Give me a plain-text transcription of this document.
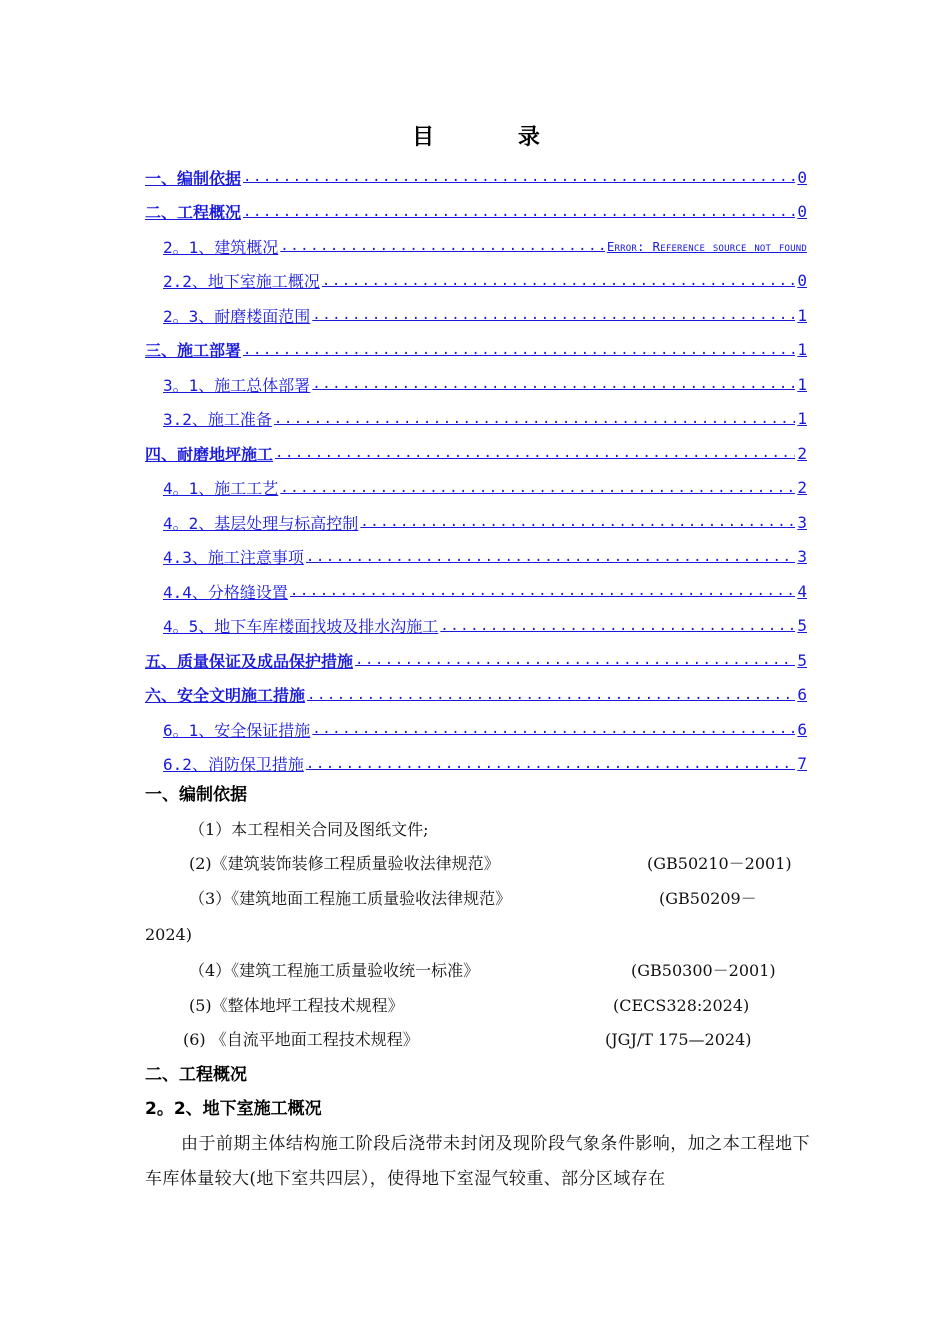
目 录
一、编制依据 .....	0
二、工程概况 .....	0
2。1、建筑概况 .....	Error: Reference source not found
2.2、地下室施工概况 .....	0
2。3、耐磨楼面范围 .....	1
三、施工部署 .....	1
3。1、施工总体部署 .....	1
3.2、施工准备 .....	1
四、耐磨地坪施工 .....	2
4。1、施工工艺 .....	2
4。2、基层处理与标高控制 .....	3
4.3、施工注意事项 .....	3
4.4、分格缝设置 .....	4
4。5、地下车库楼面找坡及排水沟施工 .....	5
五、质量保证及成品保护措施 .....	5
六、安全文明施工措施 .....	6
6。1、安全保证措施 .....	6
6.2、消防保卫措施 .....	7
一、编制依据
（1）本工程相关合同及图纸文件;
(2)《建筑装饰装修工程质量验收法律规范》	(GB50210－2001)
（3）《建筑地面工程施工质量验收法律规范》	(GB50209－
2024)
（4）《建筑工程施工质量验收统一标准》	(GB50300－2001)
(5)《整体地坪工程技术规程》	(CECS328:2024)
(6) 《自流平地面工程技术规程》	(JGJ/T 175—2024)
二、工程概况
2。2、地下室施工概况
由于前期主体结构施工阶段后浇带未封闭及现阶段气象条件影响，加之本工程地下车库体量较大(地下室共四层），使得地下室湿气较重、部分区域存在
